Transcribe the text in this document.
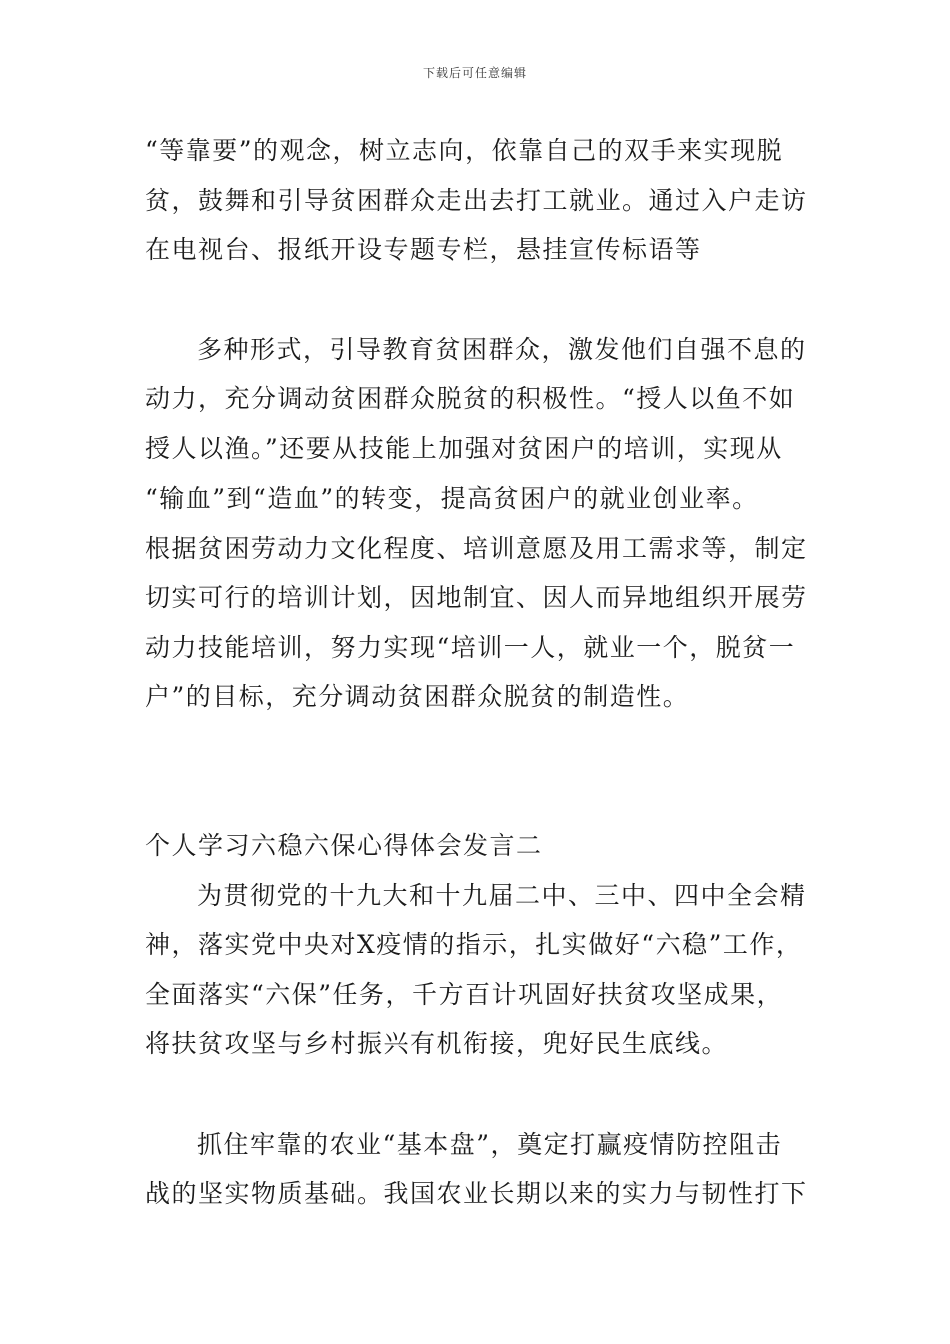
下载后可任意编辑
“等靠要”的观念，树立志向，依靠自己的双手来实现脱
贫，鼓舞和引导贫困群众走出去打工就业。通过入户走访
在电视台、报纸开设专题专栏，悬挂宣传标语等
多种形式，引导教育贫困群众，激发他们自强不息的
动力，充分调动贫困群众脱贫的积极性。“授人以鱼不如
授人以渔。”还要从技能上加强对贫困户的培训，实现从
“输血”到“造血”的转变，提高贫困户的就业创业率。
根据贫困劳动力文化程度、培训意愿及用工需求等，制定
切实可行的培训计划，因地制宜、因人而异地组织开展劳
动力技能培训，努力实现“培训一人，就业一个，脱贫一
户”的目标，充分调动贫困群众脱贫的制造性。
个人学习六稳六保心得体会发言二
为贯彻党的十九大和十九届二中、三中、四中全会精
神，落实党中央对X疫情的指示，扎实做好“六稳”工作，
全面落实“六保”任务，千方百计巩固好扶贫攻坚成果，
将扶贫攻坚与乡村振兴有机衔接，兜好民生底线。
抓住牢靠的农业“基本盘”，奠定打赢疫情防控阻击
战的坚实物质基础。我国农业长期以来的实力与韧性打下
